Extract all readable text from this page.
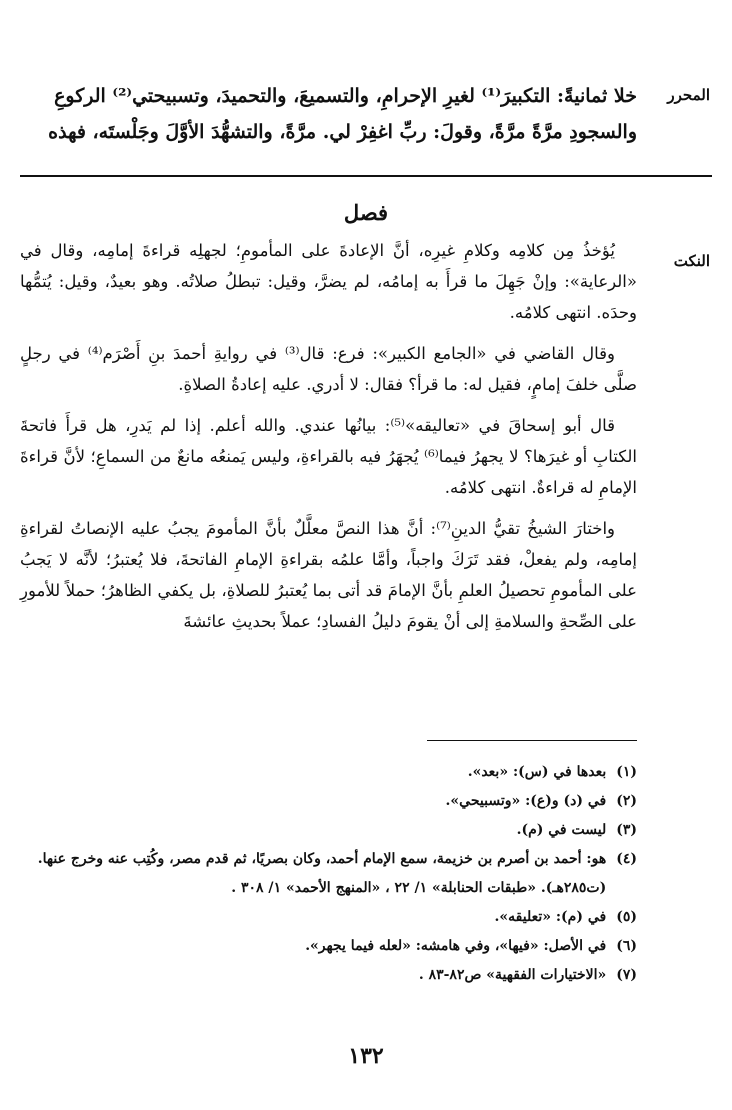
المحرر
خلا ثمانيةً: التكبيرَ⁽¹⁾ لغيرِ الإحرامِ، والتسميعَ، والتحميدَ، وتسبيحتي⁽²⁾ الركوعِ
والسجودِ مرَّةً مرَّةً، وقولَ: ربِّ اغفِرْ لي. مرَّةً، والتشهُّدَ الأوَّلَ وجَلْستَه، فهذه
فصل
النكت

يُؤخذُ مِن كلامِه وكلامِ غيرِه، أنَّ الإعادةَ على المأمومِ؛ لجهلِه قراءةَ إمامِه، وقال في «الرعاية»: وإنْ جَهِلَ ما قرأَ به إمامُه، لم يضرَّ، وقيل: تبطلُ صلاتُه. وهو بعيدٌ، وقيل: يُتمُّها وحدَه. انتهى كلامُه.

وقال القاضي في «الجامع الكبير»: فرع: قال⁽³⁾ في روايةِ أحمدَ بنِ أَصْرَم⁽⁴⁾ في رجلٍ صلَّى خلفَ إمامٍ، فقيل له: ما قرأ؟ فقال: لا أدري. عليه إعادةُ الصلاةِ.

قال أبو إسحاقَ في «تعاليقه»⁽⁵⁾: بيانُها عندي. والله أعلم. إذا لم يَدرِ، هل قرأَ فاتحةَ الكتابِ أو غيرَها؟ لا يجهرُ فيما⁽⁶⁾ يُجهَرُ فيه بالقراءةِ، وليس يَمنعُه مانعٌ من السماعِ؛ لأنَّ قراءةَ الإمامِ له قراءةٌ. انتهى كلامُه.

واختارَ الشيخُ تقيُّ الدينِ⁽⁷⁾: أنَّ هذا النصَّ معلَّلٌ بأنَّ المأمومَ يجبُ عليه الإنصاتُ لقراءةِ إمامِه، ولم يفعلْ، فقد تَرَكَ واجباً، وأمَّا علمُه بقراءةِ الإمامِ الفاتحةَ، فلا يُعتبرُ؛ لأنَّه لا يَجبُ على المأمومِ تحصيلُ العلمِ بأنَّ الإمامَ قد أتى بما يُعتبرُ للصلاةِ، بل يكفي الظاهرُ؛ حملاً للأمورِ على الصِّحةِ والسلامةِ إلى أنْ يقومَ دليلُ الفسادِ؛ عملاً بحديثِ عائشةَ

(١)
بعدها في (س): «بعد».
(٢)
في (د) و(ع): «وتسبيحي».
(٣)
ليست في (م).
(٤)
هو: أحمد بن أصرم بن خزيمة، سمع الإمام أحمد، وكان بصريًا، ثم قدم مصر، وكُتِب عنه وخرج عنها. (ت٢٨٥هـ). «طبقات الحنابلة» ١/ ٢٢ ، «المنهج الأحمد» ١/ ٣٠٨ .
(٥)
في (م): «تعليقه».
(٦)
في الأصل: «فيها»، وفي هامشه: «لعله فيما يجهر».
(٧)
«الاختيارات الفقهية» ص٨٢-٨٣ .
١٣٢
